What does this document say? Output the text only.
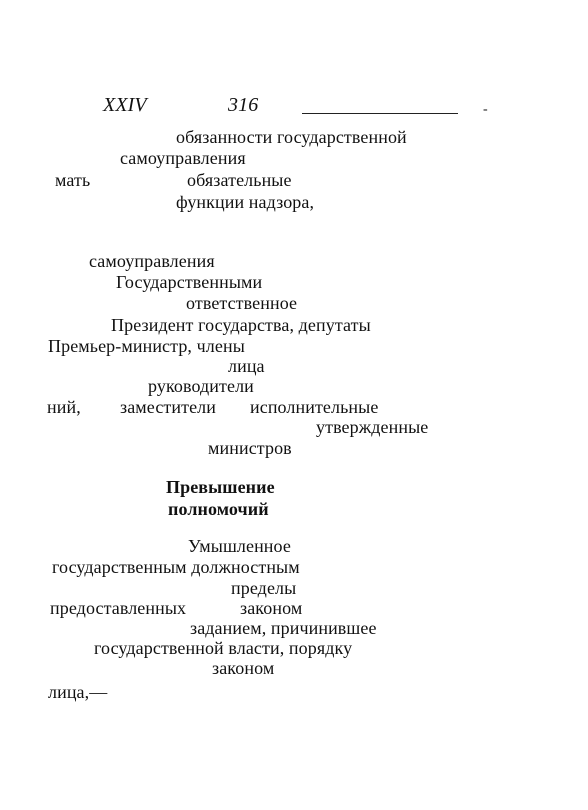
XXIV	316	-
обязанности государственной
самоуправления
мать	обязательные
функции надзора,
самоуправления
Государственными
ответственное
Президент государства, депутаты
Премьер-министр, члены
лица
руководители
ний, заместители исполнительные
утвержденные
министров
Превышение
полномочий
Умышленное
государственным должностным
пределы
предоставленных	законом
заданием, причинившее
государственной власти, порядку
законом
лица,—
